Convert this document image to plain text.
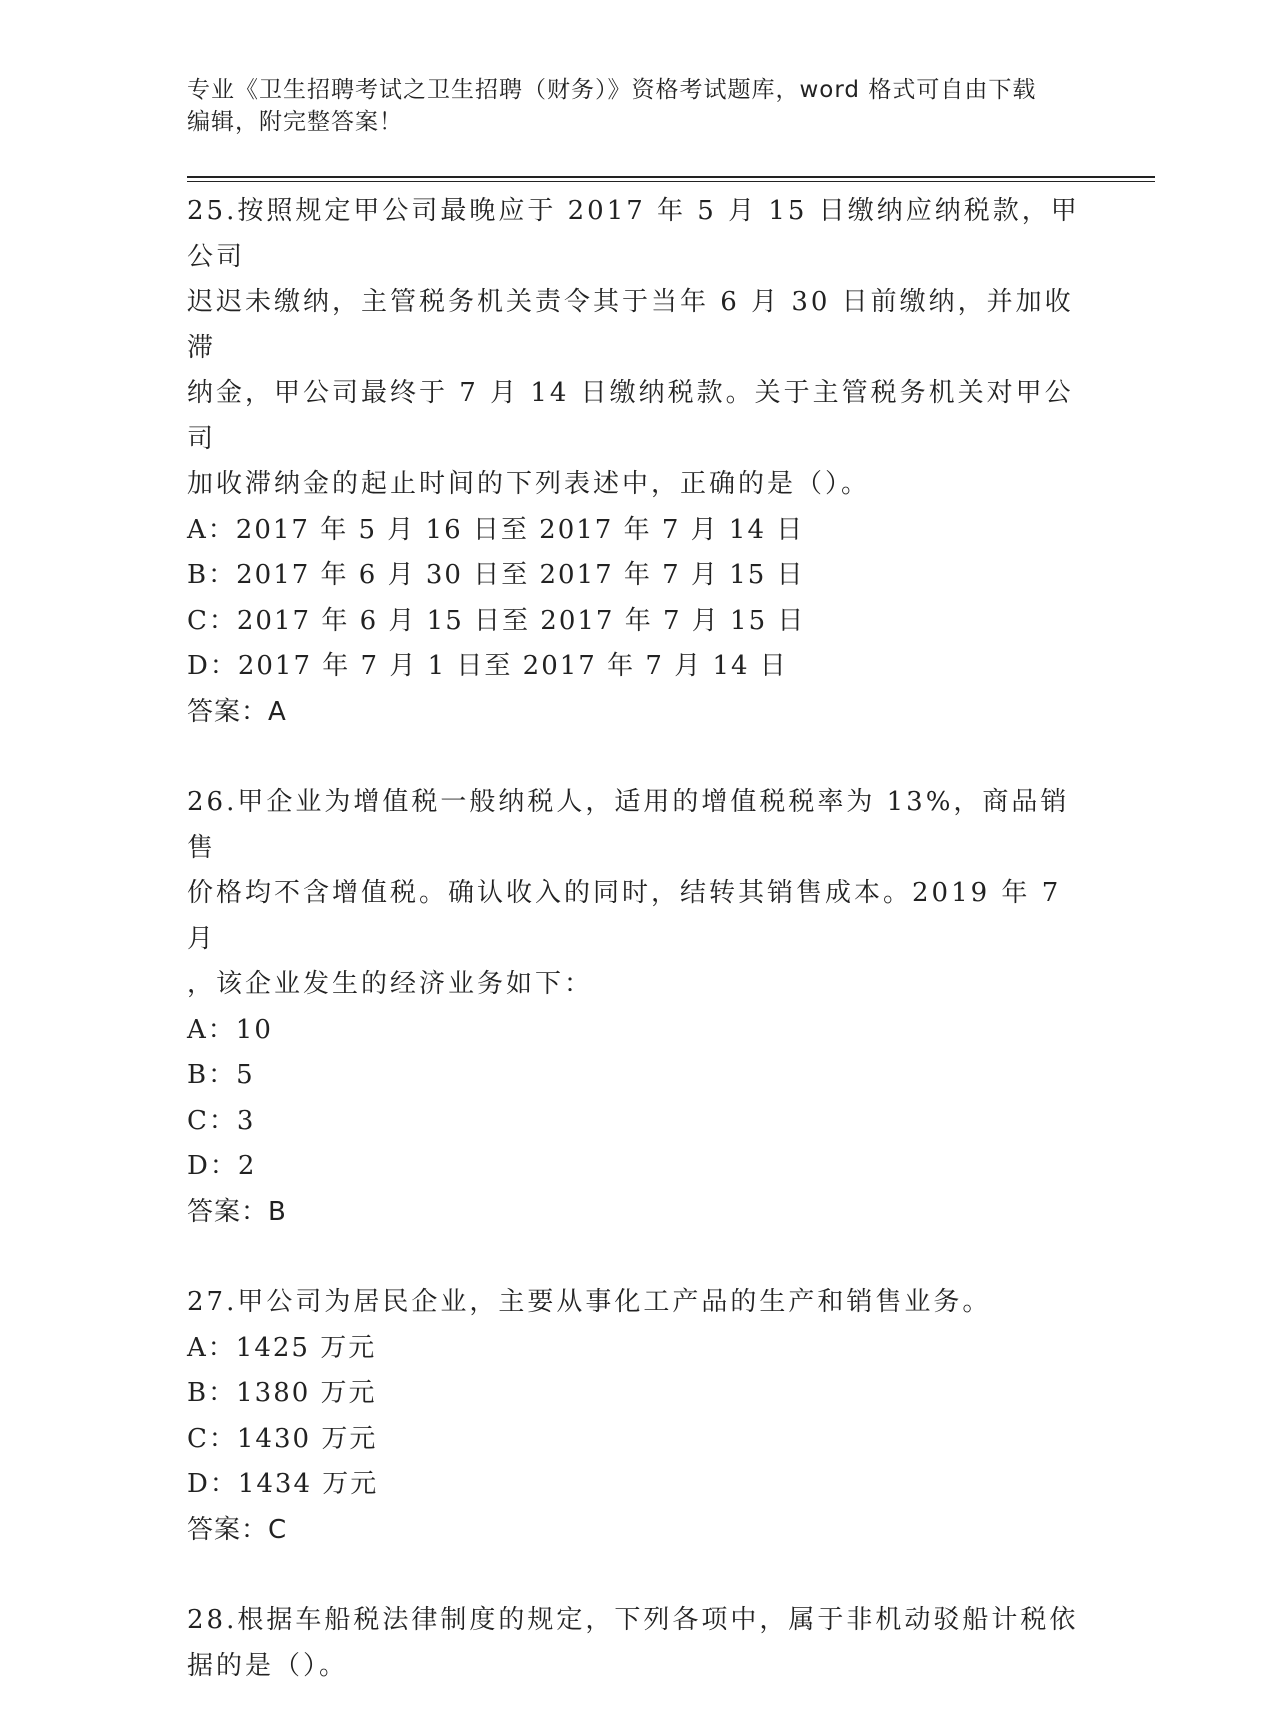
专业《卫生招聘考试之卫生招聘（财务）》资格考试题库，word 格式可自由下载
编辑，附完整答案！

25.按照规定甲公司最晚应于 2017 年 5 月 15 日缴纳应纳税款，甲公司

迟迟未缴纳，主管税务机关责令其于当年 6 月 30 日前缴纳，并加收滞

纳金，甲公司最终于 7 月 14 日缴纳税款。关于主管税务机关对甲公司

加收滞纳金的起止时间的下列表述中，正确的是（）。

A：2017 年 5 月 16 日至 2017 年 7 月 14 日

B：2017 年 6 月 30 日至 2017 年 7 月 15 日

C：2017 年 6 月 15 日至 2017 年 7 月 15 日

D：2017 年 7 月 1 日至 2017 年 7 月 14 日

答案：A

26.甲企业为增值税一般纳税人，适用的增值税税率为 13%，商品销售

价格均不含增值税。确认收入的同时，结转其销售成本。2019 年 7 月

，该企业发生的经济业务如下：

A：10

B：5

C：3

D：2

答案：B

27.甲公司为居民企业，主要从事化工产品的生产和销售业务。

A：1425 万元

B：1380 万元

C：1430 万元

D：1434 万元

答案：C

28.根据车船税法律制度的规定，下列各项中，属于非机动驳船计税依

据的是（）。
